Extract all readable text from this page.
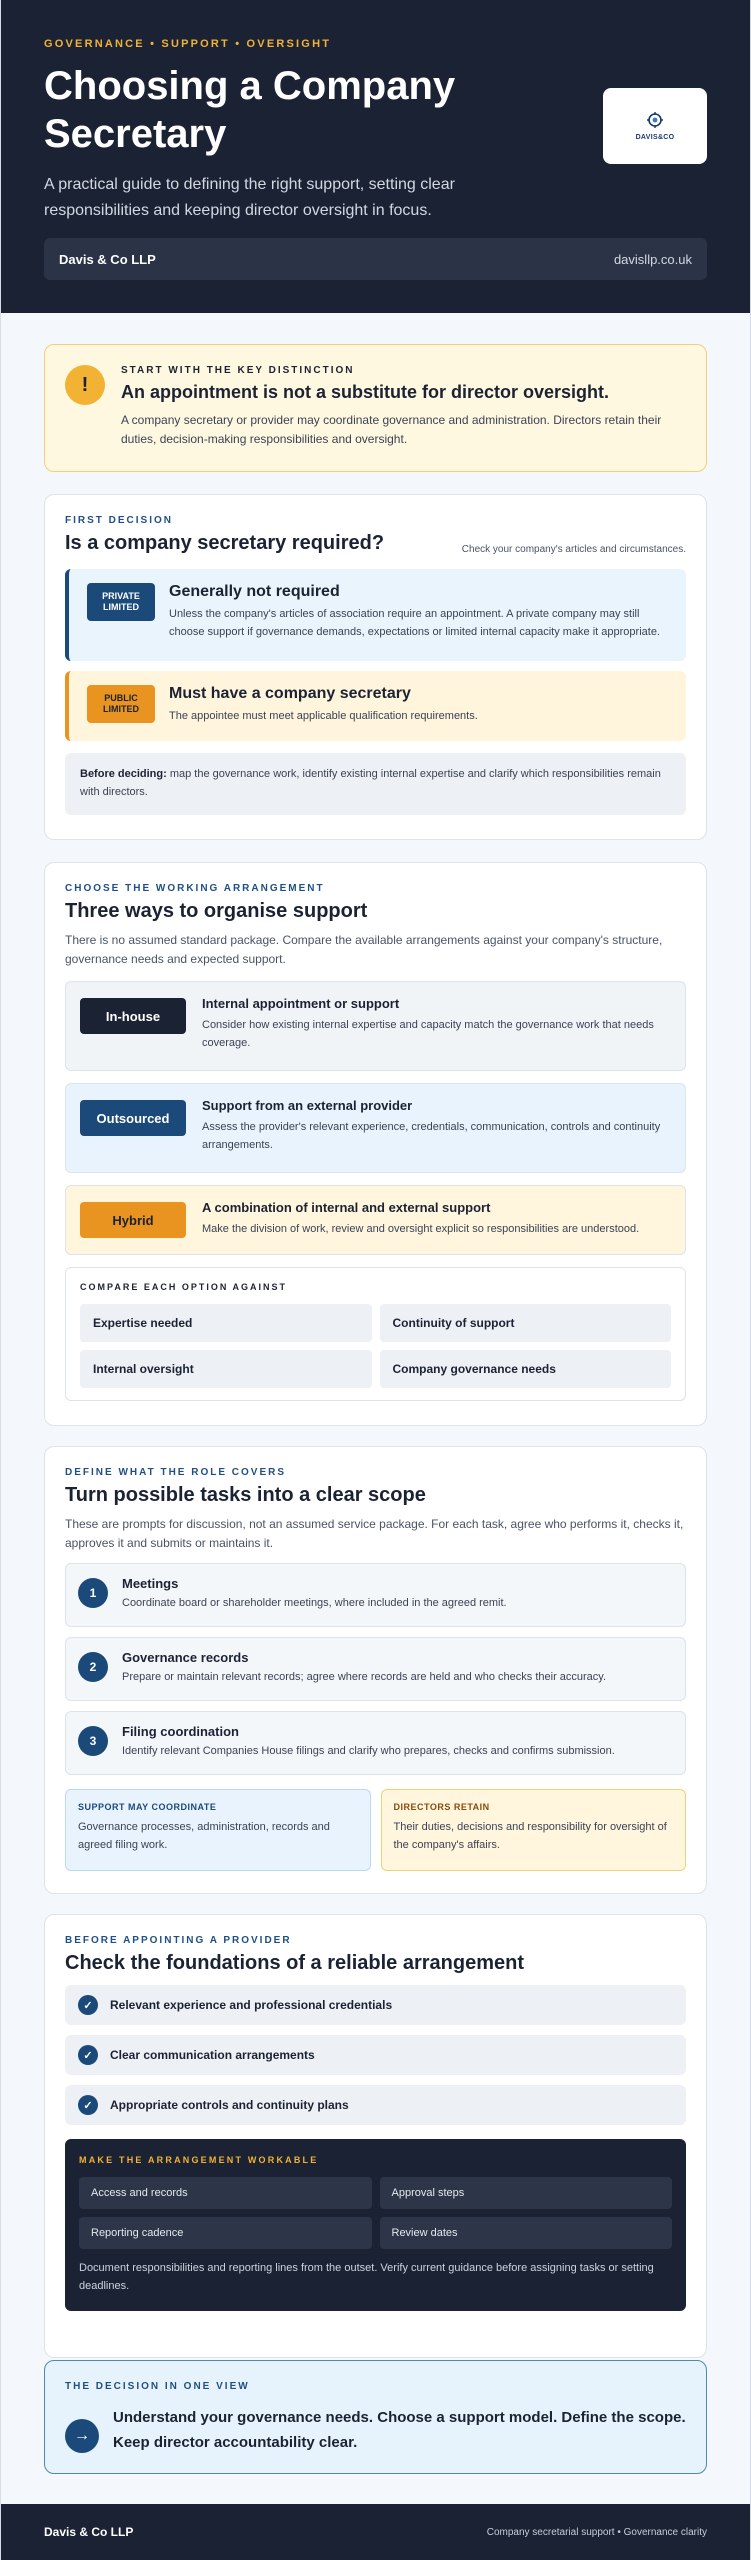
GOVERNANCE • SUPPORT • OVERSIGHT
Choosing a Company Secretary

A practical guide to defining the right support, setting clear responsibilities and keeping director oversight in focus.

DAVIS&CO
Davis & Co LLP	davisllp.co.uk
!
START WITH THE KEY DISTINCTION
An appointment is not a substitute for director oversight.

A company secretary or provider may coordinate governance and administration. Directors retain their duties, decision-making responsibilities and oversight.

FIRST DECISION
Is a company secretary required?	Check your company's articles and circumstances.
PRIVATE LIMITED
Generally not required

Unless the company's articles of association require an appointment. A private company may still choose support if governance demands, expectations or limited internal capacity make it appropriate.

PUBLIC LIMITED
Must have a company secretary

The appointee must meet applicable qualification requirements.

Before deciding: map the governance work, identify existing internal expertise and clarify which responsibilities remain with directors.
CHOOSE THE WORKING ARRANGEMENT
Three ways to organise support

There is no assumed standard package. Compare the available arrangements against your company's structure, governance needs and expected support.

In-house
Internal appointment or support

Consider how existing internal expertise and capacity match the governance work that needs coverage.

Outsourced
Support from an external provider

Assess the provider's relevant experience, credentials, communication, controls and continuity arrangements.

Hybrid
A combination of internal and external support

Make the division of work, review and oversight explicit so responsibilities are understood.

COMPARE EACH OPTION AGAINST
Expertise needed	Continuity of support
Internal oversight	Company governance needs
DEFINE WHAT THE ROLE COVERS
Turn possible tasks into a clear scope

These are prompts for discussion, not an assumed service package. For each task, agree who performs it, checks it, approves it and submits or maintains it.

1
Meetings

Coordinate board or shareholder meetings, where included in the agreed remit.

2
Governance records

Prepare or maintain relevant records; agree where records are held and who checks their accuracy.

3
Filing coordination

Identify relevant Companies House filings and clarify who prepares, checks and confirms submission.

SUPPORT MAY COORDINATE

Governance processes, administration, records and agreed filing work.

DIRECTORS RETAIN

Their duties, decisions and responsibility for oversight of the company's affairs.

BEFORE APPOINTING A PROVIDER
Check the foundations of a reliable arrangement
✓	Relevant experience and professional credentials
✓	Clear communication arrangements
✓	Appropriate controls and continuity plans
MAKE THE ARRANGEMENT WORKABLE
Access and records	Approval steps
Reporting cadence	Review dates

Document responsibilities and reporting lines from the outset. Verify current guidance before assigning tasks or setting deadlines.

THE DECISION IN ONE VIEW
→
Understand your governance needs. Choose a support model. Define the scope. Keep director accountability clear.
Davis & Co LLP	Company secretarial support • Governance clarity
